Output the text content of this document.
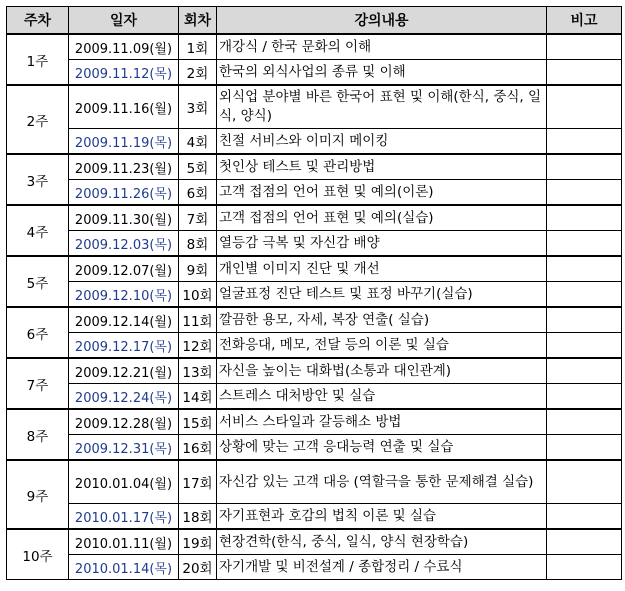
주차	일자	회차	강의내용	비고
1주	2009.11.09(월)	1회	개강식 / 한국 문화의 이해	
	2009.11.12(목)	2회	한국의 외식사업의 종류 및 이해	
2주	2009.11.16(월)	3회	외식업 분야별 바른 한국어 표현 및 이해(한식, 중식, 일식, 양식)	
	2009.11.19(목)	4회	친절 서비스와 이미지 메이킹	
3주	2009.11.23(월)	5회	첫인상 테스트 및 관리방법	
	2009.11.26(목)	6회	고객 접점의 언어 표현 및 예의(이론)	
4주	2009.11.30(월)	7회	고객 접점의 언어 표현 및 예의(실습)	
	2009.12.03(목)	8회	열등감 극복 및 자신감 배양	
5주	2009.12.07(월)	9회	개인별 이미지 진단 및 개선	
	2009.12.10(목)	10회	얼굴표정 진단 테스트 및 표정 바꾸기(실습)	
6주	2009.12.14(월)	11회	깔끔한 용모, 자세, 복장 연출( 실습)	
	2009.12.17(목)	12회	전화응대, 메모, 전달 등의 이론 및 실습	
7주	2009.12.21(월)	13회	자신을 높이는 대화법(소통과 대인관계)	
	2009.12.24(목)	14회	스트레스 대처방안 및 실습	
8주	2009.12.28(월)	15회	서비스 스타일과 갈등해소 방법	
	2009.12.31(목)	16회	상황에 맞는 고객 응대능력 연출 및 실습	
9주	2010.01.04(월)	17회	자신감 있는 고객 대응 (역할극을 통한 문제해결 실습)	
	2010.01.17(목)	18회	자기표현과 호감의 법칙 이론 및 실습	
10주	2010.01.11(월)	19회	현장견학(한식, 중식, 일식, 양식 현장학습)	
	2010.01.14(목)	20회	자기개발 및 비전설계 / 종합정리 / 수료식	
